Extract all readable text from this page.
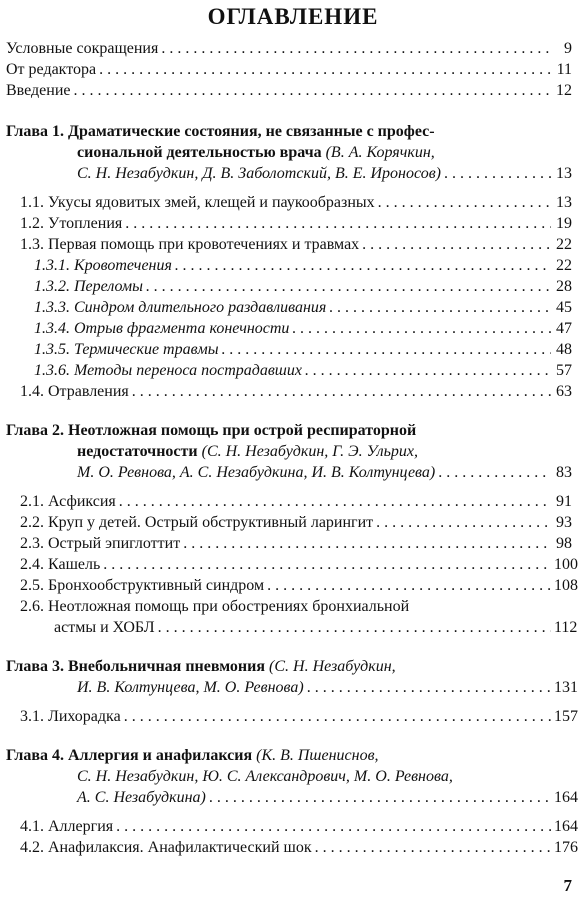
ОГЛАВЛЕНИЕ
Условные сокращения . . .	9
От редактора . . .	11
Введение . . .	12
Глава 1. Драматические состояния, не связанные с профес-
сиональной деятельностью врача (В. А. Корячкин,
С. Н. Незабудкин, Д. В. Заболотский, В. Е. Ироносов) . . .	13
1.1. Укусы ядовитых змей, клещей и паукообразных . . .	13
1.2. Утопления . . .	19
1.3. Первая помощь при кровотечениях и травмах . . .	22
1.3.1. Кровотечения . . .	22
1.3.2. Переломы . . .	28
1.3.3. Синдром длительного раздавливания . . .	45
1.3.4. Отрыв фрагмента конечности . . .	47
1.3.5. Термические травмы . . .	48
1.3.6. Методы переноса пострадавших . . .	57
1.4. Отравления . . .	63
Глава 2. Неотложная помощь при острой респираторной
недостаточности (С. Н. Незабудкин, Г. Э. Ульрих,
М. О. Ревнова, А. С. Незабудкина, И. В. Колтунцева) . . .	83
2.1. Асфиксия . . .	91
2.2. Круп у детей. Острый обструктивный ларингит . . .	93
2.3. Острый эпиглоттит . . .	98
2.4. Кашель . . .	100
2.5. Бронхообструктивный синдром . . .	108
2.6. Неотложная помощь при обострениях бронхиальной
астмы и ХОБЛ . . .	112
Глава 3. Внебольничная пневмония (С. Н. Незабудкин,
И. В. Колтунцева, М. О. Ревнова) . . .	131
3.1. Лихорадка . . .	157
Глава 4. Аллергия и анафилаксия (К. В. Пшениснов,
С. Н. Незабудкин, Ю. С. Александрович, М. О. Ревнова,
А. С. Незабудкина) . . .	164
4.1. Аллергия . . .	164
4.2. Анафилаксия. Анафилактический шок . . .	176
7
